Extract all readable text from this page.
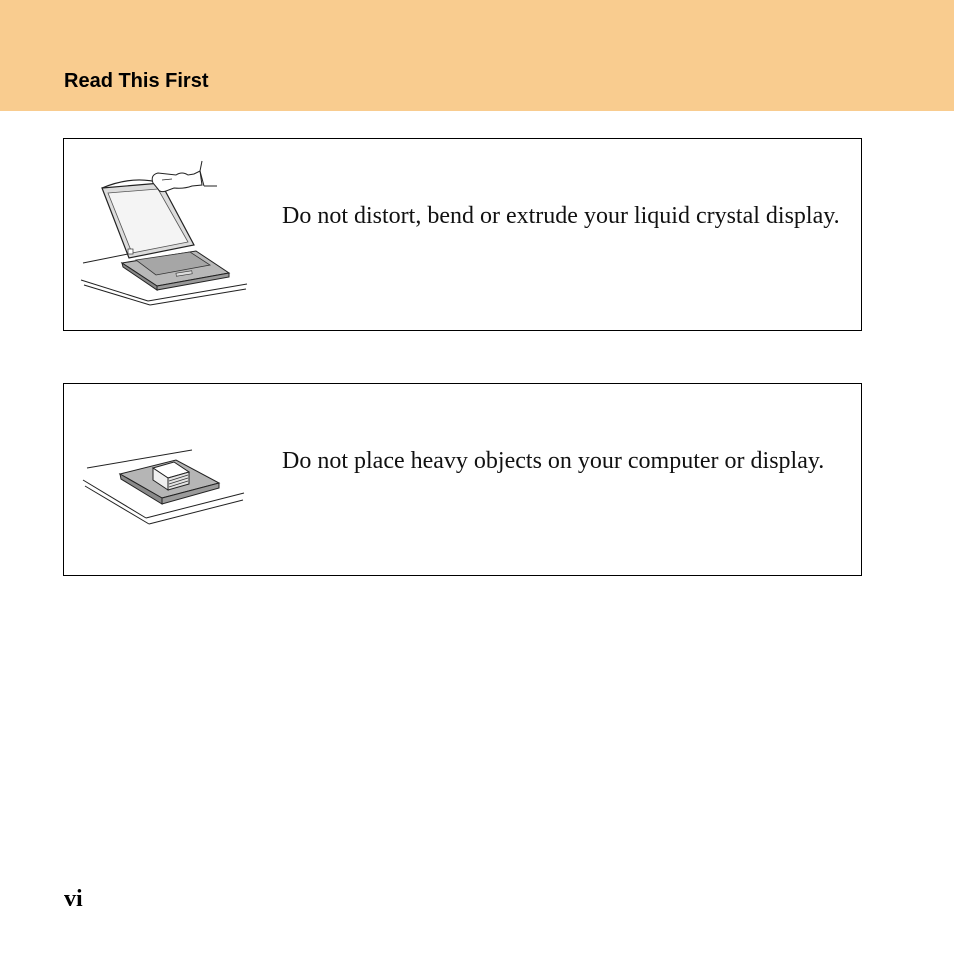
Read This First

Do not distort, bend or extrude your liquid crystal display.

Do not place heavy objects on your computer or display.

vi
